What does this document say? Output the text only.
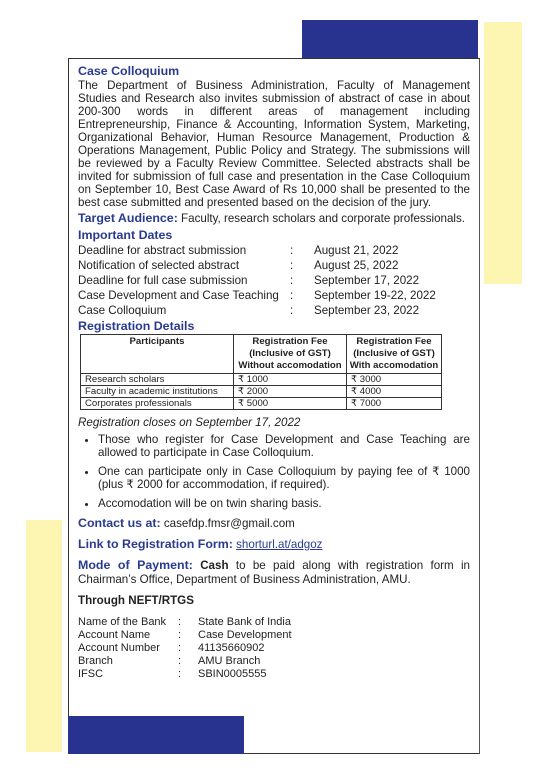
Case Colloquium
The Department of Business Administration, Faculty of Management Studies and Research also invites submission of abstract of case in about 200-300 words in different areas of management including Entrepreneurship, Finance & Accounting, Information System, Marketing, Organizational Behavior, Human Resource Management, Production & Operations Management, Public Policy and Strategy. The submissions will be reviewed by a Faculty Review Committee. Selected abstracts shall be invited for submission of full case and presentation in the Case Colloquium on September 10, Best Case Award of Rs 10,000 shall be presented to the best case submitted and presented based on the decision of the jury.
Target Audience: Faculty, research scholars and corporate professionals.
Important Dates
Deadline for abstract submission	:	August 21, 2022
Notification of selected abstract	:	August 25, 2022
Deadline for full case submission	:	September 17, 2022
Case Development and Case Teaching :	September 19-22, 2022
Case Colloquium	:	September 23, 2022
Registration Details
Participants	Registration Fee (Inclusive of GST) Without accomodation	Registration Fee (Inclusive of GST) With accomodation
Research scholars	₹ 1000	₹ 3000
Faculty in academic institutions	₹ 2000	₹ 4000
Corporates professionals	₹ 5000	₹ 7000
Registration closes on September 17, 2022
• Those who register for Case Development and Case Teaching are allowed to participate in Case Colloquium.
• One can participate only in Case Colloquium by paying fee of ₹ 1000 (plus ₹ 2000 for accommodation, if required).
• Accomodation will be on twin sharing basis.
Contact us at: casefdp.fmsr@gmail.com
Link to Registration Form: shorturl.at/adgoz
Mode of Payment: Cash to be paid along with registration form in Chairman’s Office, Department of Business Administration, AMU.
Through NEFT/RTGS
Name of the Bank	:	State Bank of India
Account Name	:	Case Development
Account Number	:	41135660902
Branch	:	AMU Branch
IFSC	:	SBIN0005555
